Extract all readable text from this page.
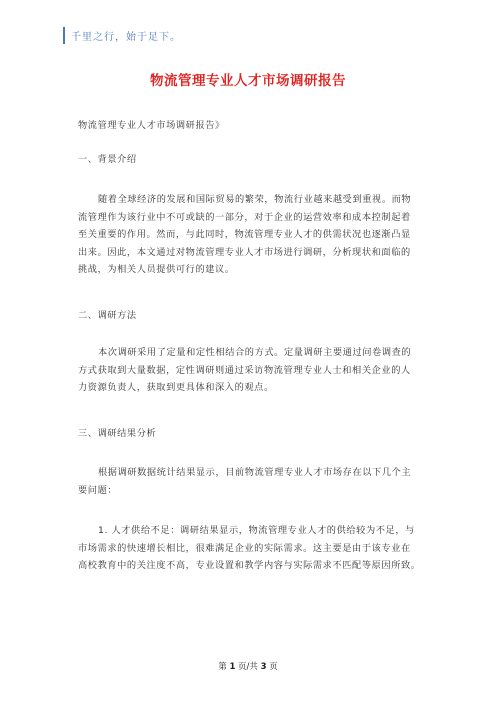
千里之行，始于足下。
物流管理专业人才市场调研报告
物流管理专业人才市场调研报告》
一、背景介绍
随着全球经济的发展和国际贸易的繁荣，物流行业越来越受到重视。而物
流管理作为该行业中不可或缺的一部分，对于企业的运营效率和成本控制起着
至关重要的作用。然而，与此同时，物流管理专业人才的供需状况也逐渐凸显
出来。因此，本文通过对物流管理专业人才市场进行调研，分析现状和面临的
挑战，为相关人员提供可行的建议。
二、调研方法
本次调研采用了定量和定性相结合的方式。定量调研主要通过问卷调查的
方式获取到大量数据，定性调研则通过采访物流管理专业人士和相关企业的人
力资源负责人，获取到更具体和深入的观点。
三、调研结果分析
根据调研数据统计结果显示，目前物流管理专业人才市场存在以下几个主
要问题：
1. 人才供给不足：调研结果显示，物流管理专业人才的供给较为不足，与
市场需求的快速增长相比，很难满足企业的实际需求。这主要是由于该专业在
高校教育中的关注度不高，专业设置和教学内容与实际需求不匹配等原因所致。
第 1 页/共 3 页
